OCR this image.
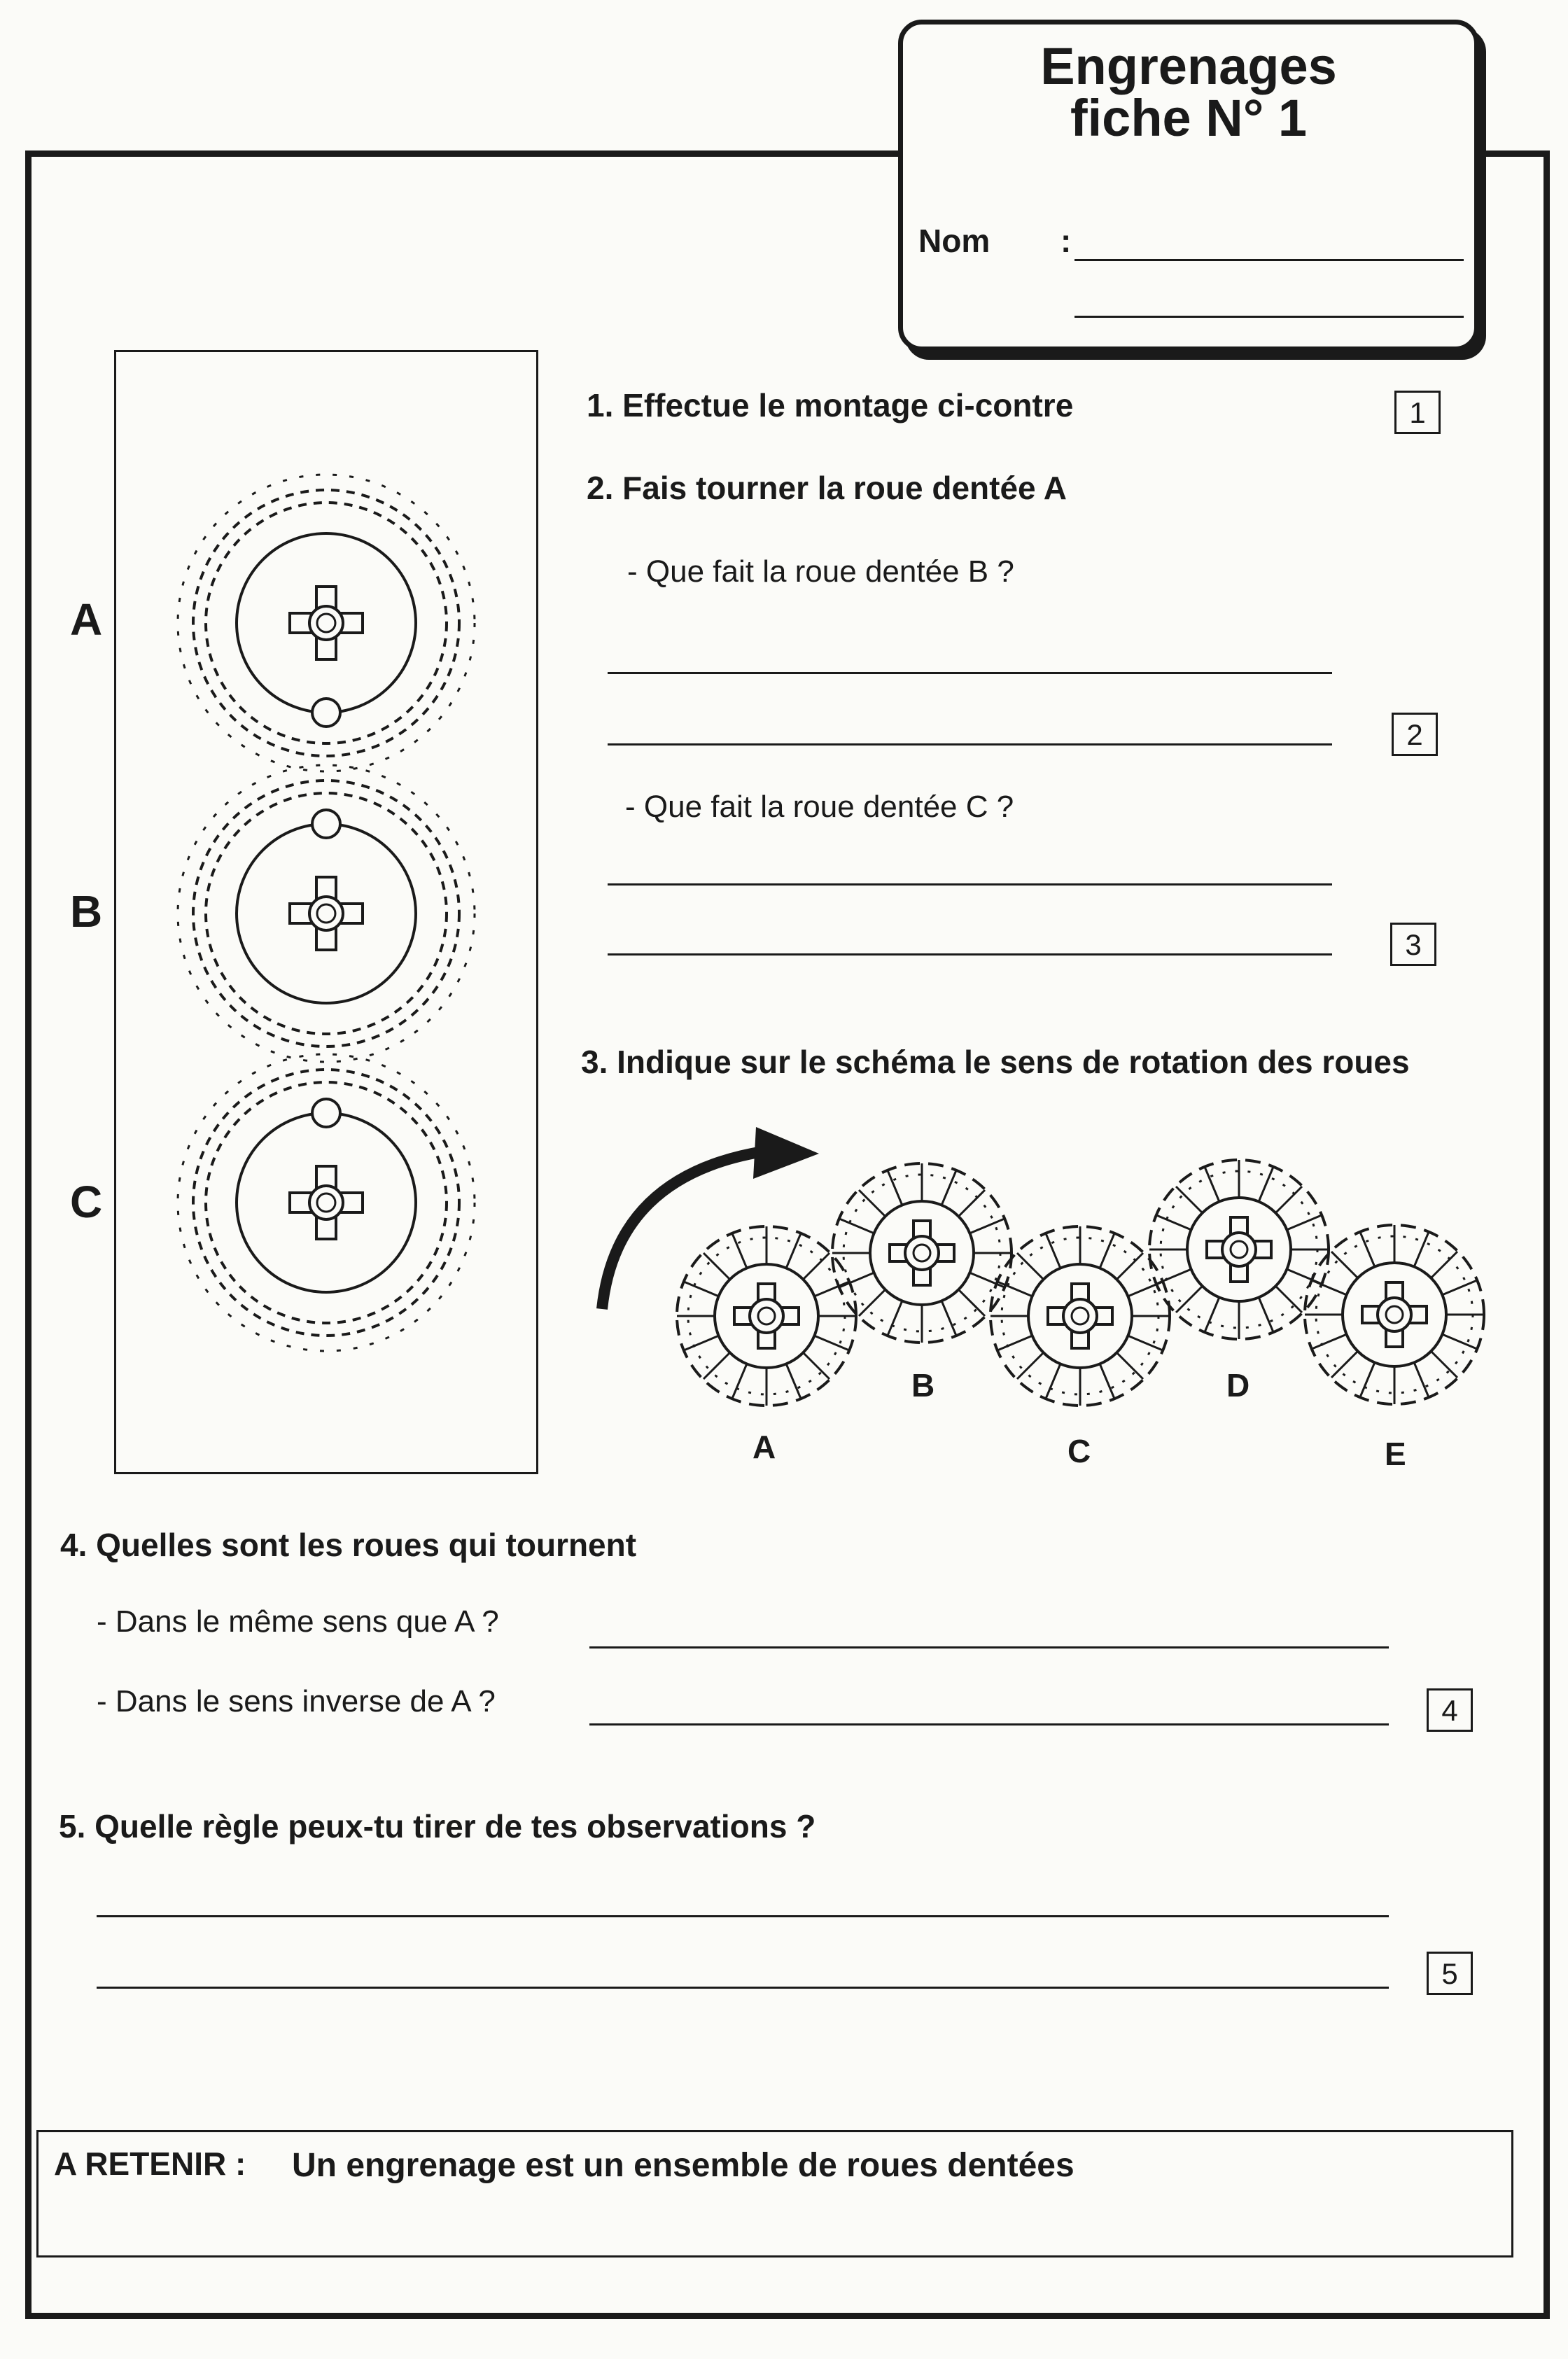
Engrenages
fiche N° 1
Nom :
A
B
C
1. Effectue le montage ci-contre	1
2. Fais tourner la roue dentée A
- Que fait la roue dentée B ?
2
- Que fait la roue dentée C ?
3
3. Indique sur le schéma le sens de rotation des roues
A
B
C
D
E
4. Quelles sont les roues qui tournent
- Dans le même sens que A ?
- Dans le sens inverse de A ?	4
5. Quelle règle peux-tu tirer de tes observations ?
5
A RETENIR : Un engrenage est un ensemble de roues dentées
